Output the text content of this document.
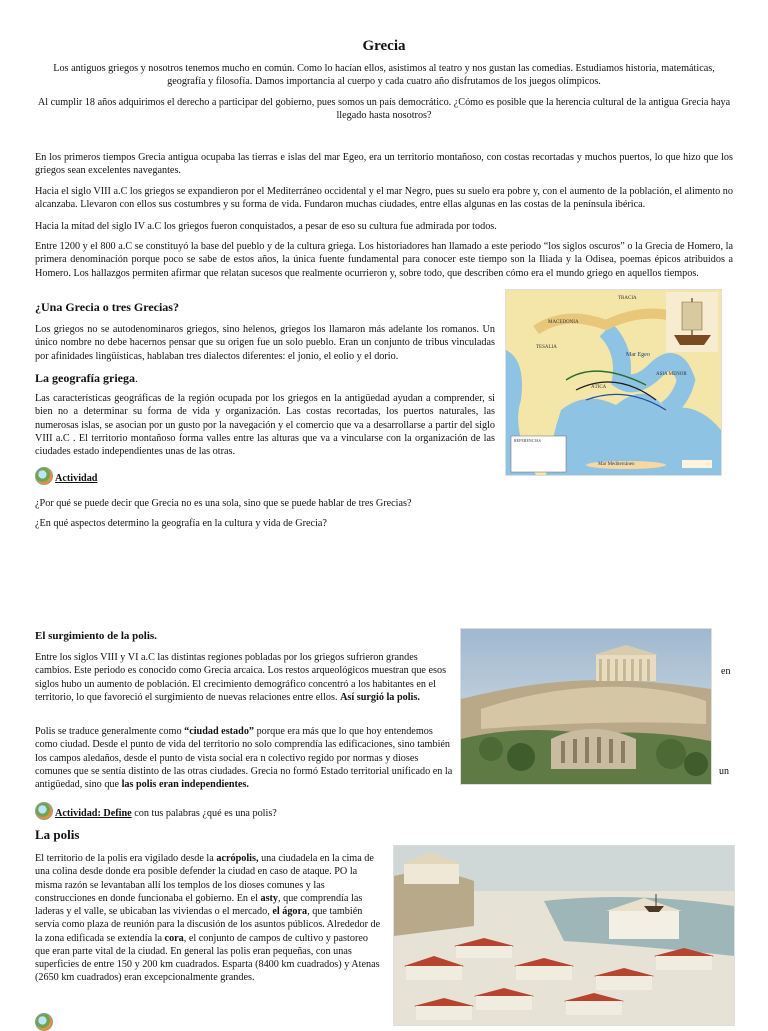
Grecia

Los antiguos griegos y nosotros tenemos mucho en común. Como lo hacían ellos, asistimos al teatro y nos gustan las comedias. Estudiamos historia, matemáticas, geografía y filosofía. Damos importancia al cuerpo y cada cuatro año disfrutamos de los juegos olímpicos.

Al cumplir 18 años adquirimos el derecho a participar del gobierno, pues somos un país democrático. ¿Cómo es posible que la herencia cultural de la antigua Grecia haya llegado hasta nosotros?

En los primeros tiempos Grecia antigua ocupaba las tierras e islas del mar Egeo, era un territorio montañoso, con costas recortadas y muchos puertos, lo que hizo que los griegos sean excelentes navegantes.

Hacia el siglo VIII a.C los griegos se expandieron por el Mediterráneo occidental y el mar Negro, pues su suelo era pobre y, con el aumento de la población, el alimento no alcanzaba. Llevaron con ellos sus costumbres y su forma de vida. Fundaron muchas ciudades, entre ellas algunas en las costas de la península ibérica.

Hacia la mitad del siglo IV a.C los griegos fueron conquistados, a pesar de eso su cultura fue admirada por todos.

Entre 1200 y el 800 a.C se constituyó la base del pueblo y de la cultura griega. Los historiadores han llamado a este periodo “los siglos oscuros” o la Grecia de Homero, la primera denominación porque poco se sabe de estos años, la única fuente fundamental para conocer este tiempo son la Iliada y la Odisea, poemas épicos atribuidos a Homero. Los hallazgos permiten afirmar que relatan sucesos que realmente ocurrieron y, sobre todo, que describen cómo era el mundo griego en aquellos tiempos.

¿Una Grecia o tres Grecias?

Los griegos no se autodenominaros griegos, sino helenos, griegos los llamaron más adelante los romanos. Un único nombre no debe hacernos pensar que su origen fue un solo pueblo. Eran un conjunto de tribus vinculadas por afinidades lingüísticas, hablaban tres dialectos diferentes: el jonio, el eolio y el dorio.

La geografía griega.

Las características geográficas de la región ocupada por los griegos en la antigüedad ayudan a comprender, si bien no a determinar su forma de vida y organización. Las costas recortadas, los puertos naturales, las numerosas islas, se asocian por un gusto por la navegación y el comercio que va a desarrollarse a partir del siglo VIII a.C . El territorio montañoso forma valles entre las alturas que va a vincularse con la organización de las ciudades estado independientes unas de las otras.

MACEDONIA
TRACIA
TESALIA
Mar Egeo
ASIA MENOR
ÁTICA
Mar Mediterráneo
REFERENCIAS
Actividad

¿Por qué se puede decir que Grecia no es una sola, sino que se puede hablar de tres Grecias?

¿En qué aspectos determino la geografía en la cultura y vida de Grecia?

El surgimiento de la polis.

Entre los siglos VIII y VI a.C las distintas regiones pobladas por los griegos sufrieron grandes cambios. Este periodo es conocido como Grecia arcaica. Los restos arqueológicos muestran que esos siglos hubo un aumento de población. El crecimiento demográfico concentró a los habitantes en el territorio, lo que favoreció el surgimiento de nuevas relaciones entre ellos. Así surgió la polis.

Polis se traduce generalmente como “ciudad estado” porque era más que lo que hoy entendemos como ciudad. Desde el punto de vida del territorio no solo comprendía las edificaciones, sino también los campos aledaños, desde el punto de vista social era n colectivo regido por normas y dioses comunes que se sentía distinto de las otras ciudades. Grecia no formó Estado territorial unificado en la antigüedad, sino que las polis eran independientes.

en
un
Actividad: Define con tus palabras ¿qué es una polis?
La polis

El territorio de la polis era vigilado desde la acrópolis, una ciudadela en la cima de una colina desde donde era posible defender la ciudad en caso de ataque. PO la misma razón se levantaban allí los templos de los dioses comunes y las construcciones en donde funcionaba el gobierno. En el asty, que comprendía las laderas y el valle, se ubicaban las viviendas o el mercado, el ágora, que también servía como plaza de reunión para la discusión de los asuntos públicos. Alrededor de la zona edificada se extendía la cora, el conjunto de campos de cultivo y pastoreo que eran parte vital de la ciudad. En general las polis eran pequeñas, con unas superficies de entre 150 y 200 km cuadrados. Esparta (8400 km cuadrados) y Atenas (2650 km cuadrados) eran excepcionalmente grandes.
